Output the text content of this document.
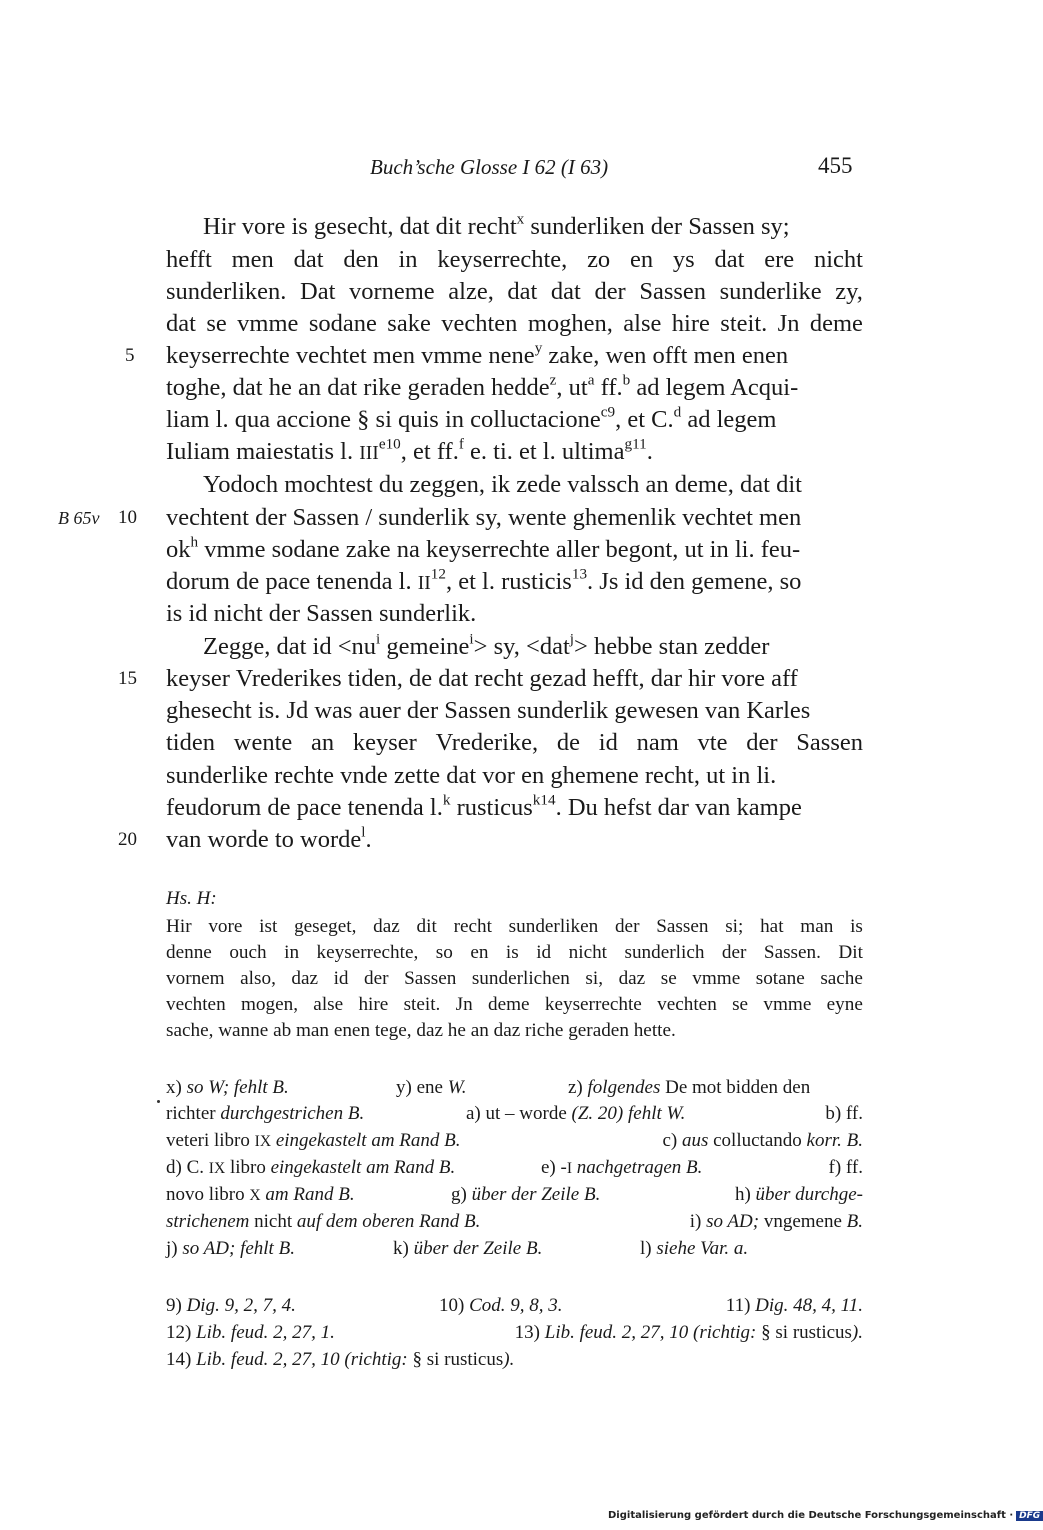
Buch’sche Glosse I 62 (I 63)	455
5
B 65v 10
15
20
Hir vore is gesecht, dat dit recht$^x$ sunderliken der Sassen sy;
hefft men dat den in keyserrechte, zo en ys dat ere nicht
sunderliken. Dat vorneme alze, dat dat der Sassen sunderlike zy,
dat se vmme sodane sake vechten moghen, alse hire steit. Jn deme
keyserrechte vechtet men vmme nene$^y$ zake, wen offt men enen
toghe, dat he an dat rike geraden hedde$^z$, $ut^a$ ff.$^b$ ad legem Acqui-
liam l. qua accione § si quis in colluctacione$^{c9}$, et C.$^d$ ad legem
Iuliam maiestatis l. $III^{e10}$, et ff.$^f$ e. ti. et l. ultima$^{g11}$.
Yodoch mochtest du zeggen, ik zede valssch an deme, dat dit
vechtent der Sassen / sunderlik sy, wente ghemenlik vechtet men
$ok^h$ vmme sodane zake na keyserrechte aller begont, ut in li. feu-
dorum de pace tenenda l. II$^{12}$, et l. rusticis$^{13}$. Js id den gemene, so
is id nicht der Sassen sunderlik.
Zegge, dat id $<nu^i$ gemeine$^i$> sy, <dat$^j$> hebbe stan zedder
keyser Vrederikes tiden, de dat recht gezad hefft, dar hir vore aff
ghesecht is. Jd was auer der Sassen sunderlik gewesen van Karles
tiden wente an keyser Vrederike, de id nam vte der Sassen
sunderlike rechte vnde zette dat vor en ghemene recht, ut in li.
feudorum de pace tenenda l.$^k$ rusticus$^{k14}$. Du hefst dar van kampe
van worde to worde$^l$.
Hs. H:
Hir vore ist geseget, daz dit recht sunderliken der Sassen si; hat man is
denne ouch in keyserrechte, so en is id nicht sunderlich der Sassen. Dit
vornem also, daz id der Sassen sunderlichen si, daz se vmme sotane sache
vechten mogen, alse hire steit. Jn deme keyserrechte vechten se vmme eyne
sache, wanne ab man enen tege, daz he an daz riche geraden hette.
x) so W; fehlt B.	y) ene W.	z) folgendes De mot bidden den
richter durchgestrichen B.	a) ut – worde (Z. 20) fehlt W.	b) ff.
veteri libro IX eingekastelt am Rand B.	c) aus colluctando korr. B.
d) C. IX libro eingekastelt am Rand B.	e) -I nachgetragen B.	f) ff.
novo libro X am Rand B.	g) über der Zeile B.	h) über durchge-
strichenem nicht auf dem oberen Rand B.	i) so AD; vngemene B.
j) so AD; fehlt B.	k) über der Zeile B.	l) siehe Var. a.
9) Dig. 9, 2, 7, 4.	10) Cod. 9, 8, 3.	11) Dig. 48, 4, 11.
12) Lib. feud. 2, 27, 1.	13) Lib. feud. 2, 27, 10 (richtig: § si rusticus).
14) Lib. feud. 2, 27, 10 (richtig: § si rusticus).
Digitalisierung gefördert durch die Deutsche Forschungsgemeinschaft · DFG
